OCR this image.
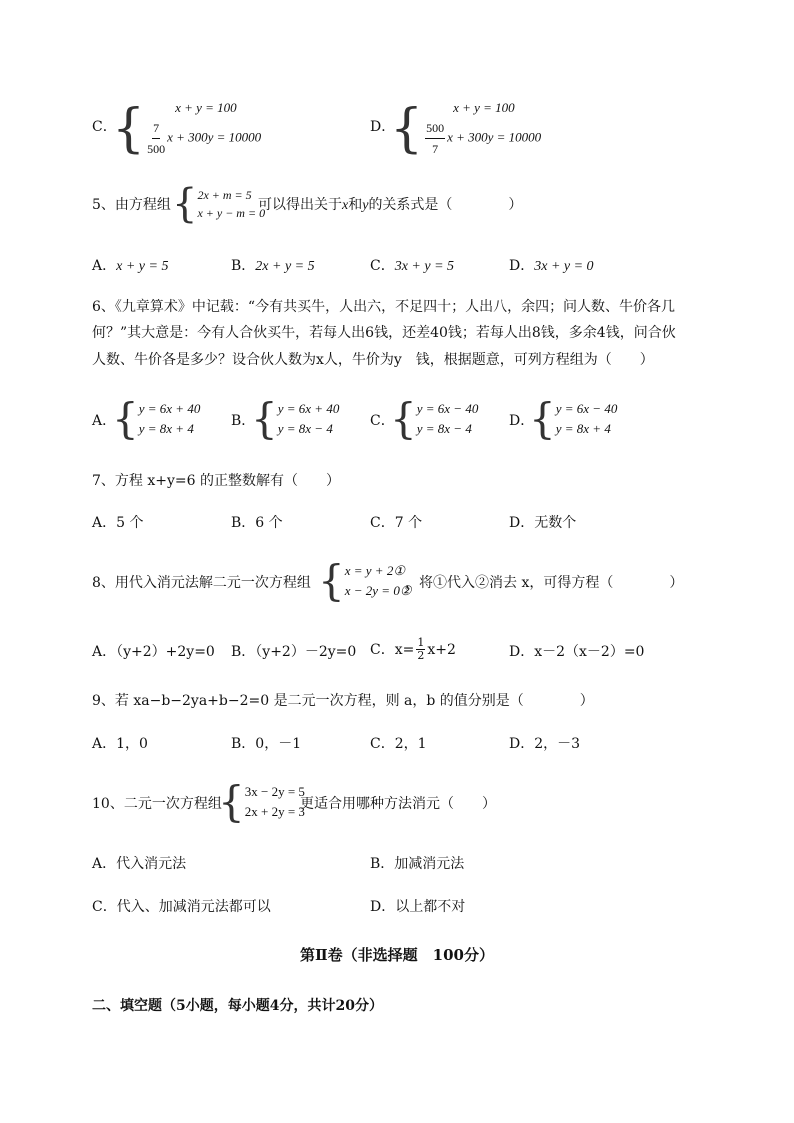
C．
{	x + y = 100
$\frac{7}{500}$ x + 300y = 10000
D．
{	x + y = 100
$\frac{500}{7}$ x + 300y = 10000
5、由方程组 { 2x + m = 5
x + y − m = 0
可以得出关于x和y的关系式是（　　　　）
A．x + y = 5	B．2x + y = 5	C．3x + y = 5	D．3x + y = 0
6、《九章算术》中记载：“今有共买牛，人出六，不足四十；人出八，余四；问人数、牛价各几
何？”其大意是：今有人合伙买牛，若每人出6钱，还差40钱；若每人出8钱，多余4钱，问合伙
人数、牛价各是多少？设合伙人数为x人，牛价为y　钱，根据题意，可列方程组为（　　）
A．
{ y = 6x + 40
y = 8x + 4	B．
{ y = 6x + 40
y = 8x − 4	C．
{ y = 6x − 40
y = 8x − 4	D．
{ y = 6x − 40
y = 8x + 4
7、方程 x+y=6 的正整数解有（　　）
A．5 个	B．6 个	C．7 个	D．无数个
8、用代入消元法解二元一次方程组 { x = y + 2①
x − 2y = 0②
，将①代入②消去 x，可得方程（　　　　）
A．（y+2）+2y=0 B．（y+2）－2y=0 C． $x= \frac{1}{2} x+2$	D．x－2（x－2）=0
9、若 xa−b−2ya+b−2=0 是二元一次方程，则 a，b 的值分别是（　　　　）
A．1，0	B．0，－1	C．2，1	D．2，－3
10、二元一次方程组
{ 3x − 2y = 5
2x + 2y = 3
更适合用哪种方法消元（　　）
A．代入消元法	B．加减消元法
C．代入、加减消元法都可以	D．以上都不对
第Ⅱ卷（非选择题　100分）
二、填空题（5小题，每小题4分，共计20分）
